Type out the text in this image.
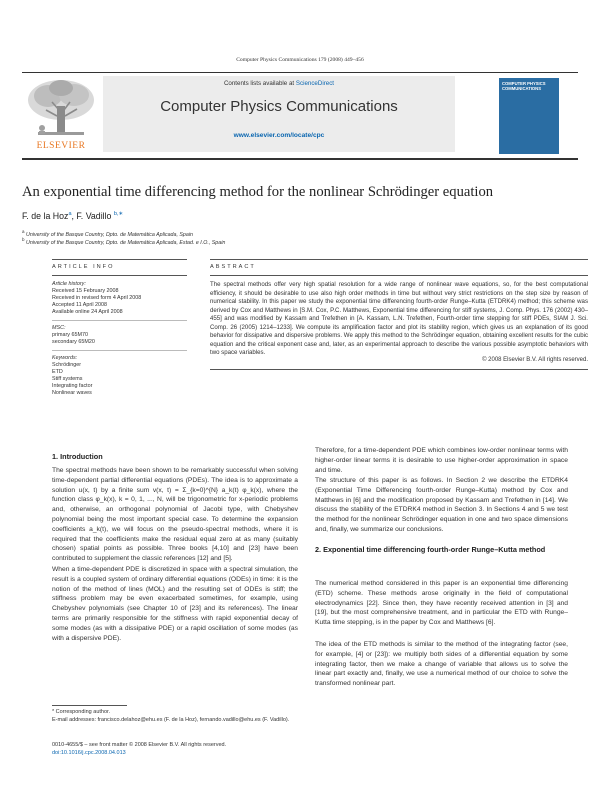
Computer Physics Communications 179 (2008) 449–456
ELSEVIER
Contents lists available at ScienceDirect
Computer Physics Communications
www.elsevier.com/locate/cpc
COMPUTER PHYSICS COMMUNICATIONS
An exponential time differencing method for the nonlinear Schrödinger equation
F. de la Hoz$^a$, F. Vadillo $^{b,∗}$
$^a$ University of the Basque Country, Dpto. de Matemática Aplicada, Spain
$^b$ University of the Basque Country, Dpto. de Matemática Aplicada, Estad. e I.O., Spain
ARTICLE INFO	ABSTRACT
Article history:
Received 15 February 2008
Received in revised form 4 April 2008
Accepted 11 April 2008
Available online 24 April 2008
MSC:
primary 65M70
secondary 65M20
Keywords:
Schrödinger
ETD
Stiff systems
Integrating factor
Nonlinear waves
The spectral methods offer very high spatial resolution for a wide range of nonlinear wave equations, so, for the best computational efficiency, it should be desirable to use also high order methods in time but without very strict restrictions on the step size by reason of numerical stability. In this paper we study the exponential time differencing fourth-order Runge–Kutta (ETDRK4) method; this scheme was derived by Cox and Matthews in [S.M. Cox, P.C. Matthews, Exponential time differencing for stiff systems, J. Comp. Phys. 176 (2002) 430–455] and was modified by Kassam and Trefethen in [A. Kassam, L.N. Trefethen, Fourth-order time stepping for stiff PDEs, SIAM J. Sci. Comp. 26 (2005) 1214–1233]. We compute its amplification factor and plot its stability region, which gives us an explanation of its good behavior for dissipative and dispersive problems. We apply this method to the Schrödinger equation, obtaining excellent results for the cubic equation and the critical exponent case and, later, as an experimental approach to describe the various possible asymptotic behaviors with two space variables.
© 2008 Elsevier B.V. All rights reserved.
1. Introduction
The spectral methods have been shown to be remarkably successful when solving time-dependent partial differential equations (PDEs). The idea is to approximate a solution u(x, t) by a finite sum v(x, t) = Σ_{k=0}^{N} a_k(t) φ_k(x), where the function class φ_k(x), k = 0, 1, ..., N, will be trigonometric for x-periodic problems and, otherwise, an orthogonal polynomial of Jacobi type, with Chebyshev polynomial being the most important special case. To determine the expansion coefficients a_k(t), we will focus on the pseudo-spectral methods, where it is required that the coefficients make the residual equal zero at as many (suitably chosen) spatial points as possible. Three books [4,10] and [23] have been contributed to supplement the classic references [12] and [5].
When a time-dependent PDE is discretized in space with a spectral simulation, the result is a coupled system of ordinary differential equations (ODEs) in time: it is the notion of the method of lines (MOL) and the resulting set of ODEs is stiff; the stiffness problem may be even exacerbated sometimes, for example, using Chebyshev polynomials (see Chapter 10 of [23] and its references). The linear terms are primarily responsible for the stiffness with rapid exponential decay of some modes (as with a dissipative PDE) or a rapid oscillation of some modes (as with a dispersive PDE).
Therefore, for a time-dependent PDE which combines low-order nonlinear terms with higher-order linear terms it is desirable to use higher-order approximation in space and time.
The structure of this paper is as follows. In Section 2 we describe the ETDRK4 (Exponential Time Differencing fourth-order Runge–Kutta) method by Cox and Matthews in [6] and the modification proposed by Kassam and Trefethen in [14]. We discuss the stability of the ETDRK4 method in Section 3. In Sections 4 and 5 we test the method for the nonlinear Schrödinger equation in one and two space dimensions and, finally, we summarize our conclusions.
2. Exponential time differencing fourth-order Runge–Kutta method
The numerical method considered in this paper is an exponential time differencing (ETD) scheme. These methods arose originally in the field of computational electrodynamics [22]. Since then, they have recently received attention in [3] and [19], but the most comprehensive treatment, and in particular the ETD with Runge–Kutta time stepping, is in the paper by Cox and Matthews [6].
The idea of the ETD methods is similar to the method of the integrating factor (see, for example, [4] or [23]): we multiply both sides of a differential equation by some integrating factor, then we make a change of variable that allows us to solve the linear part exactly and, finally, we use a numerical method of our choice to solve the transformed nonlinear part.
* Corresponding author.
E-mail addresses: francisco.delahoz@ehu.es (F. de la Hoz), fernando.vadillo@ehu.es (F. Vadillo).
0010-4655/$ – see front matter © 2008 Elsevier B.V. All rights reserved.
doi:10.1016/j.cpc.2008.04.013
